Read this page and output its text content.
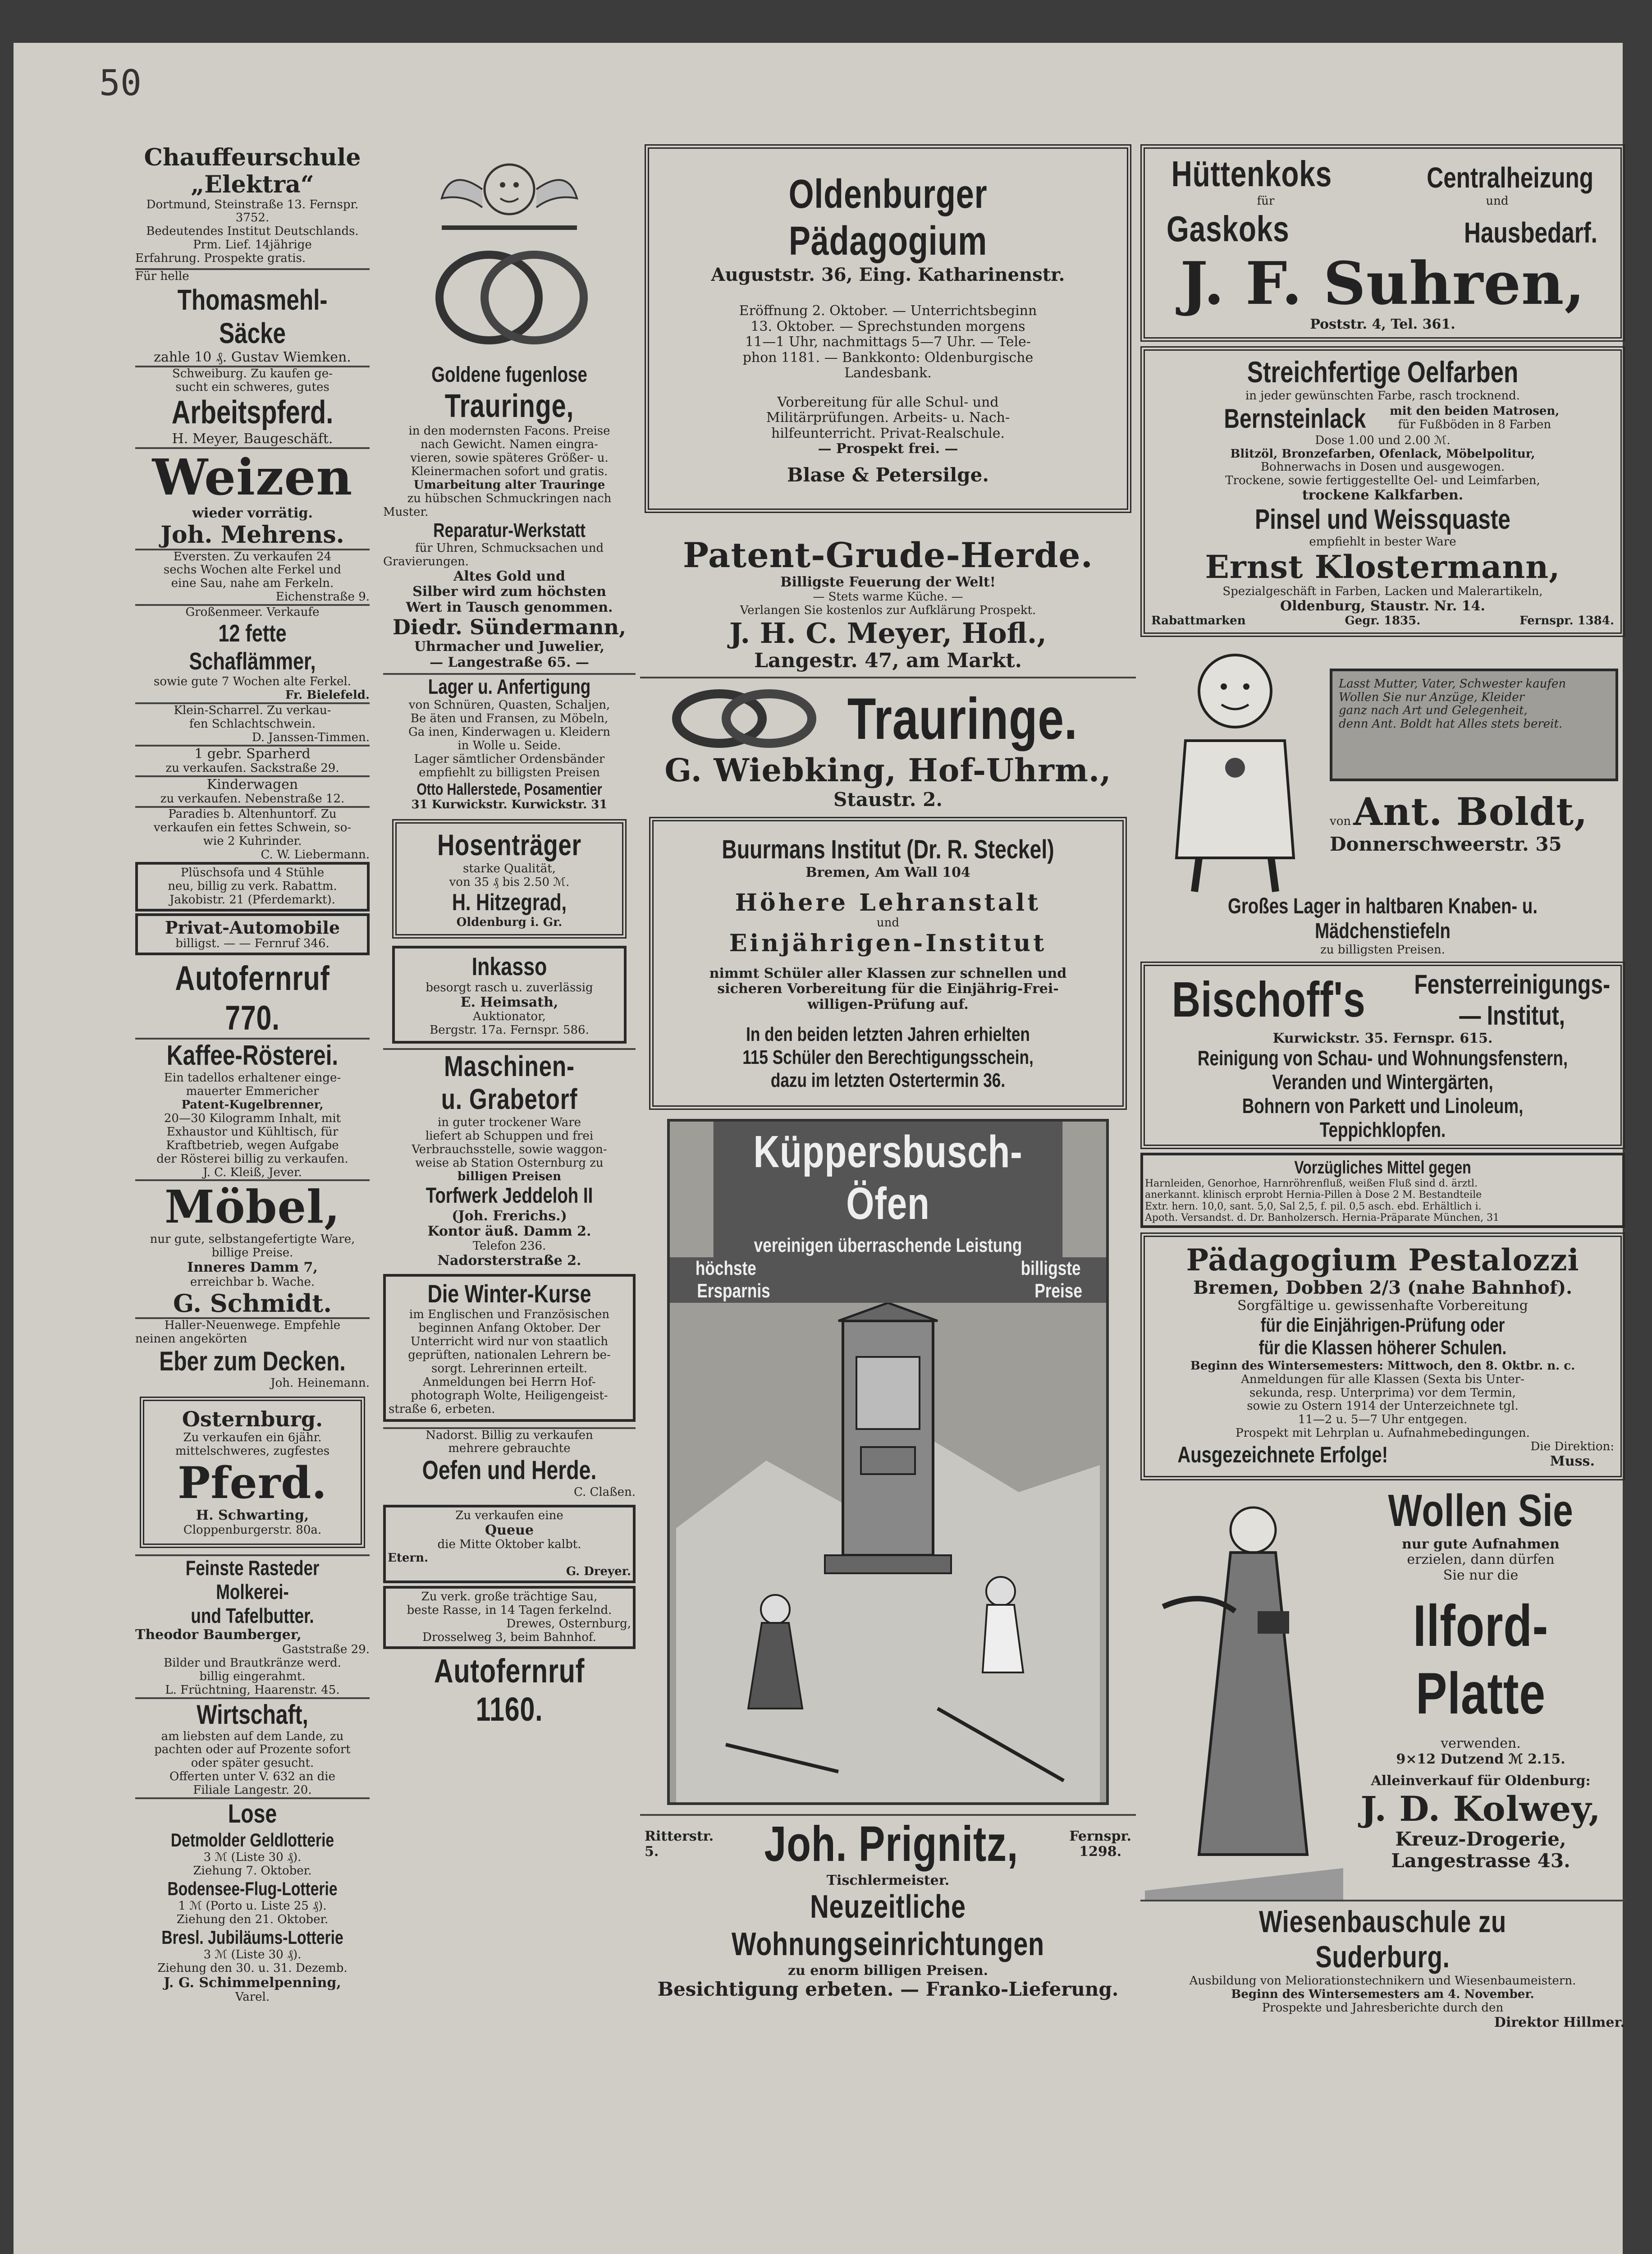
50
Chauffeurschule „Elektra“
Dortmund, Steinstraße 13. Fernspr. 3752.
Bedeutendes Institut Deutschlands. Prm. Lief. 14jährige
Erfahrung. Prospekte gratis.
Für helle
Thomasmehl-Säcke
zahle 10 ₰. Gustav Wiemken.
Schweiburg. Zu kaufen ge-
sucht ein schweres, gutes
Arbeitspferd.
H. Meyer, Baugeschäft.
Weizen
wieder vorrätig.
Joh. Mehrens.
Eversten. Zu verkaufen 24
sechs Wochen alte Ferkel und
eine Sau, nahe am Ferkeln.
Eichenstraße 9.
Großenmeer. Verkaufe
12 fette Schaflämmer,
sowie gute 7 Wochen alte Ferkel.
Fr. Bielefeld.
Klein-Scharrel. Zu verkau-
fen Schlachtschwein.
D. Janssen-Timmen.
1 gebr. Sparherd
zu verkaufen. Sackstraße 29.
Kinderwagen
zu verkaufen. Nebenstraße 12.
Paradies b. Altenhuntorf. Zu
verkaufen ein fettes Schwein, so-
wie 2 Kuhrinder.
C. W. Liebermann.
Plüschsofa und 4 Stühle
neu, billig zu verk. Rabattm.
Jakobistr. 21 (Pferdemarkt).
Privat-Automobile
billigst. — — Fernruf 346.
Autofernruf 770.
Kaffee-Rösterei.
Ein tadellos erhaltener einge-
mauerter Emmericher
Patent-Kugelbrenner,
20—30 Kilogramm Inhalt, mit
Exhaustor und Kühltisch, für
Kraftbetrieb, wegen Aufgabe
der Rösterei billig zu verkaufen.
J. C. Kleiß, Jever.
Möbel,
nur gute, selbstangefertigte Ware,
billige Preise.
Inneres Damm 7,
erreichbar b. Wache.
G. Schmidt.
Haller-Neuenwege. Empfehle
neinen angekörten
Eber zum Decken.
Joh. Heinemann.
Osternburg.
Zu verkaufen ein 6jähr.
mittelschweres, zugfestes
Pferd.
H. Schwarting,
Cloppenburgerstr. 80a.
Feinste Rasteder Molkerei-
und Tafelbutter.
Theodor Baumberger,
Gaststraße 29.
Bilder und Brautkränze werd.
billig eingerahmt.
L. Früchtning, Haarenstr. 45.
Wirtschaft,
am liebsten auf dem Lande, zu
pachten oder auf Prozente sofort
oder später gesucht.
Offerten unter V. 632 an die
Filiale Langestr. 20.
Lose
Detmolder Geldlotterie
3 ℳ (Liste 30 ₰).
Ziehung 7. Oktober.
Bodensee-Flug-Lotterie
1 ℳ (Porto u. Liste 25 ₰).
Ziehung den 21. Oktober.
Bresl. Jubiläums-Lotterie
3 ℳ (Liste 30 ₰).
Ziehung den 30. u. 31. Dezemb.
J. G. Schimmelpenning,
Varel.
Goldene fugenlose
Trauringe,
in den modernsten Facons. Preise
nach Gewicht. Namen eingra-
vieren, sowie späteres Größer- u.
Kleinermachen sofort und gratis.
Umarbeitung alter Trauringe
zu hübschen Schmuckringen nach
Muster.
Reparatur-Werkstatt
für Uhren, Schmucksachen und
Gravierungen.
Altes Gold und
Silber wird zum höchsten
Wert in Tausch genommen.
Diedr. Sündermann,
Uhrmacher und Juwelier,
— Langestraße 65. —
Lager u. Anfertigung
von Schnüren, Quasten, Schaljen,
Be äten und Fransen, zu Möbeln,
Ga inen, Kinderwagen u. Kleidern
in Wolle u. Seide.
Lager sämtlicher Ordensbänder
empfiehlt zu billigsten Preisen
Otto Hallerstede, Posamentier
31 Kurwickstr. Kurwickstr. 31
Hosenträger
starke Qualität,
von 35 ₰ bis 2.50 ℳ.
H. Hitzegrad,
Oldenburg i. Gr.
Inkasso
besorgt rasch u. zuverlässig
E. Heimsath,
Auktionator,
Bergstr. 17a. Fernspr. 586.
Maschinen-
u. Grabetorf
in guter trockener Ware
liefert ab Schuppen und frei
Verbrauchsstelle, sowie waggon-
weise ab Station Osternburg zu
billigen Preisen
Torfwerk Jeddeloh II
(Joh. Frerichs.)
Kontor äuß. Damm 2.
Telefon 236.
Nadorsterstraße 2.
Die Winter-Kurse
im Englischen und Französischen
beginnen Anfang Oktober. Der
Unterricht wird nur von staatlich
geprüften, nationalen Lehrern be-
sorgt. Lehrerinnen erteilt.
Anmeldungen bei Herrn Hof-
photograph Wolte, Heiligengeist-
straße 6, erbeten.
Nadorst. Billig zu verkaufen
mehrere gebrauchte
Oefen und Herde.
C. Claßen.
Zu verkaufen eine
Queue
die Mitte Oktober kalbt.
Etern.
G. Dreyer.
Zu verk. große trächtige Sau,
beste Rasse, in 14 Tagen ferkelnd.
Drewes, Osternburg,
Drosselweg 3, beim Bahnhof.
Autofernruf 1160.
Oldenburger Pädagogium
Auguststr. 36, Eing. Katharinenstr.
Eröffnung 2. Oktober. — Unterrichtsbeginn
13. Oktober. — Sprechstunden morgens
11—1 Uhr, nachmittags 5—7 Uhr. — Tele-
phon 1181. — Bankkonto: Oldenburgische
Landesbank.
Vorbereitung für alle Schul- und
Militärprüfungen. Arbeits- u. Nach-
hilfeunterricht. Privat-Realschule.
— Prospekt frei. —
Blase & Petersilge.
Patent-Grude-Herde.
Billigste Feuerung der Welt!
— Stets warme Küche. —
Verlangen Sie kostenlos zur Aufklärung Prospekt.
J. H. C. Meyer, Hofl.,
Langestr. 47, am Markt.
Trauringe.
G. Wiebking, Hof-Uhrm.,
Staustr. 2.
Buurmans Institut (Dr. R. Steckel)
Bremen, Am Wall 104
Höhere Lehranstalt
und
Einjährigen-Institut
nimmt Schüler aller Klassen zur schnellen und
sicheren Vorbereitung für die Einjährig-Frei-
willigen-Prüfung auf.
In den beiden letzten Jahren erhielten
115 Schüler den Berechtigungsschein,
dazu im letzten Ostertermin 36.
Küppersbusch-Öfen
vereinigen überraschende Leistung
höchste	billigste
Ersparnis	Preise
Ritterstr.
5.	Joh. Prignitz,	Fernspr.
1298.
Tischlermeister.
Neuzeitliche Wohnungseinrichtungen
zu enorm billigen Preisen.
Besichtigung erbeten. — Franko-Lieferung.
Hüttenkoks	Centralheizung
für	und
Gaskoks	Hausbedarf.
J. F. Suhren,
Poststr. 4, Tel. 361.
Streichfertige Oelfarben
in jeder gewünschten Farbe, rasch trocknend.
Bernsteinlack mit den beiden Matrosen,
für Fußböden in 8 Farben
Dose 1.00 und 2.00 ℳ.
Blitzöl, Bronzefarben, Ofenlack, Möbelpolitur,
Bohnerwachs in Dosen und ausgewogen.
Trockene, sowie fertiggestellte Oel- und Leimfarben,
trockene Kalkfarben.
Pinsel und Weissquaste
empfiehlt in bester Ware
Ernst Klostermann,
Spezialgeschäft in Farben, Lacken und Malerartikeln,
Oldenburg, Staustr. Nr. 14.
Rabattmarken	Gegr. 1835.	Fernspr. 1384.
Lasst Mutter, Vater, Schwester kaufen
Wollen Sie nur Anzüge, Kleider
ganz nach Art und Gelegenheit,
denn Ant. Boldt hat Alles stets bereit.
von Ant. Boldt,
Donnerschweerstr. 35
Großes Lager in haltbaren Knaben- u. Mädchenstiefeln
zu billigsten Preisen.
Bischoff's Fensterreinigungs-
— Institut,
Kurwickstr. 35. Fernspr. 615.
Reinigung von Schau- und Wohnungsfenstern,
Veranden und Wintergärten,
Bohnern von Parkett und Linoleum,
Teppichklopfen.
Vorzügliches Mittel gegen
Harnleiden, Genorhoe, Harnröhrenfluß, weißen Fluß sind d. ärztl.
anerkannt. klinisch erprobt Hernia-Pillen à Dose 2 M. Bestandteile
Extr. hern. 10,0, sant. 5,0, Sal 2,5, f. pil. 0,5 asch. ebd. Erhältlich i.
Apoth. Versandst. d. Dr. Banholzersch. Hernia-Präparate München, 31
Pädagogium Pestalozzi
Bremen, Dobben 2/3 (nahe Bahnhof).
Sorgfältige u. gewissenhafte Vorbereitung
für die Einjährigen-Prüfung oder
für die Klassen höherer Schulen.
Beginn des Wintersemesters: Mittwoch, den 8. Oktbr. n. c.
Anmeldungen für alle Klassen (Sexta bis Unter-
sekunda, resp. Unterprima) vor dem Termin,
sowie zu Ostern 1914 der Unterzeichnete tgl.
11—2 u. 5—7 Uhr entgegen.
Prospekt mit Lehrplan u. Aufnahmebedingungen.
Ausgezeichnete Erfolge!	Die Direktion:
Muss.
Wollen Sie
nur gute Aufnahmen
erzielen, dann dürfen
Sie nur die
Ilford-Platte
verwenden.
9×12 Dutzend ℳ 2.15.
Alleinverkauf für Oldenburg:
J. D. Kolwey,
Kreuz-Drogerie,
Langestrasse 43.
Wiesenbauschule zu Suderburg.
Ausbildung von Meliorationstechnikern und Wiesenbaumeistern.
Beginn des Wintersemesters am 4. November.
Prospekte und Jahresberichte durch den
Direktor Hillmer.
